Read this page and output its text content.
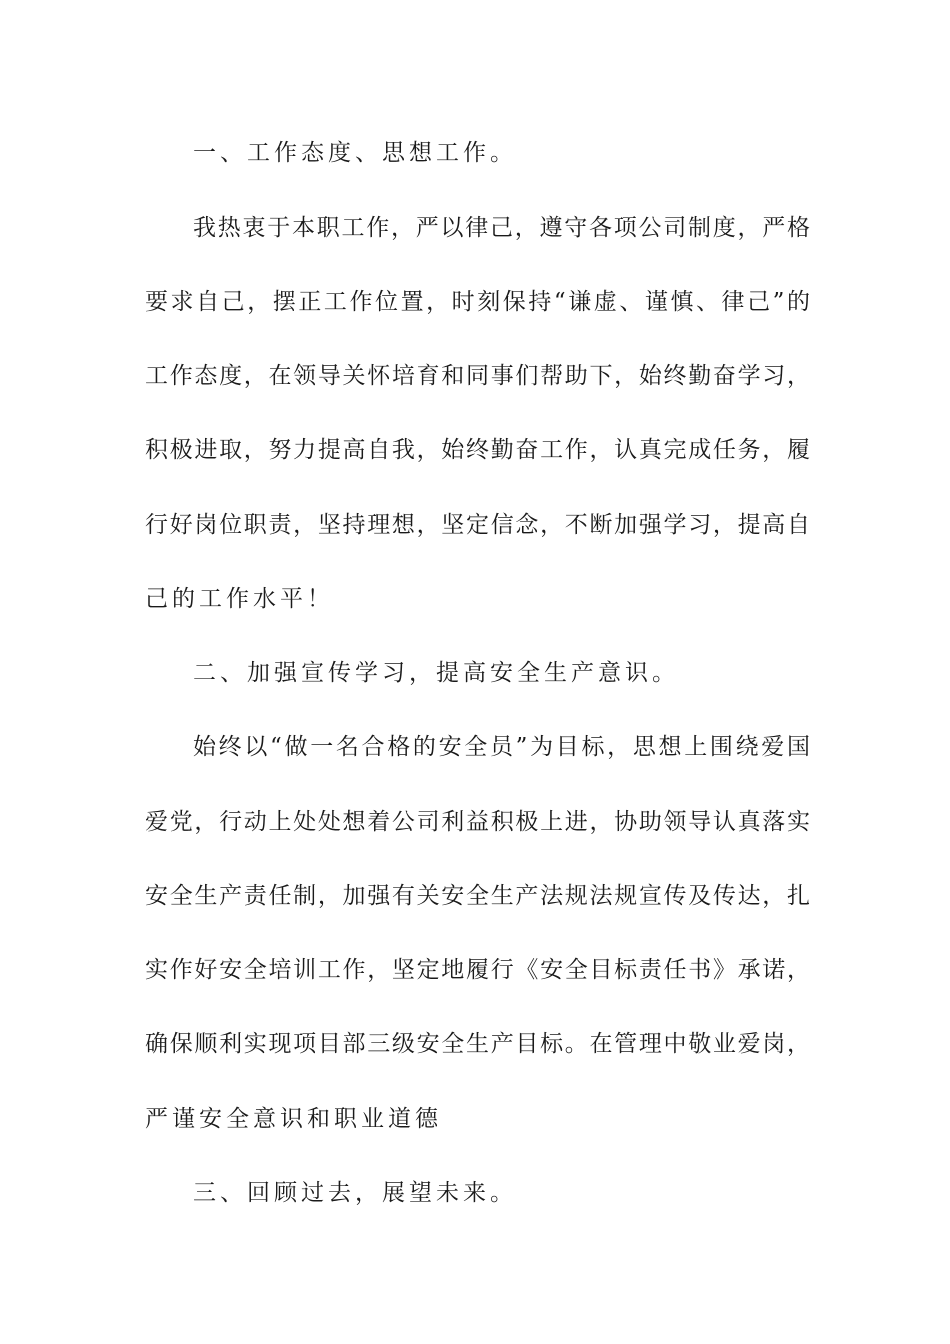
一、工作态度、思想工作。
我热衷于本职工作，严以律己，遵守各项公司制度，严格
要求自己，摆正工作位置，时刻保持“谦虚、谨慎、律己”的
工作态度，在领导关怀培育和同事们帮助下，始终勤奋学习，
积极进取，努力提高自我，始终勤奋工作，认真完成任务，履
行好岗位职责，坚持理想，坚定信念，不断加强学习，提高自
己的工作水平！
二、加强宣传学习，提高安全生产意识。
始终以“做一名合格的安全员”为目标，思想上围绕爱国
爱党，行动上处处想着公司利益积极上进，协助领导认真落实
安全生产责任制，加强有关安全生产法规法规宣传及传达，扎
实作好安全培训工作，坚定地履行《安全目标责任书》承诺，
确保顺利实现项目部三级安全生产目标。在管理中敬业爱岗，
严谨安全意识和职业道德
三、回顾过去，展望未来。
